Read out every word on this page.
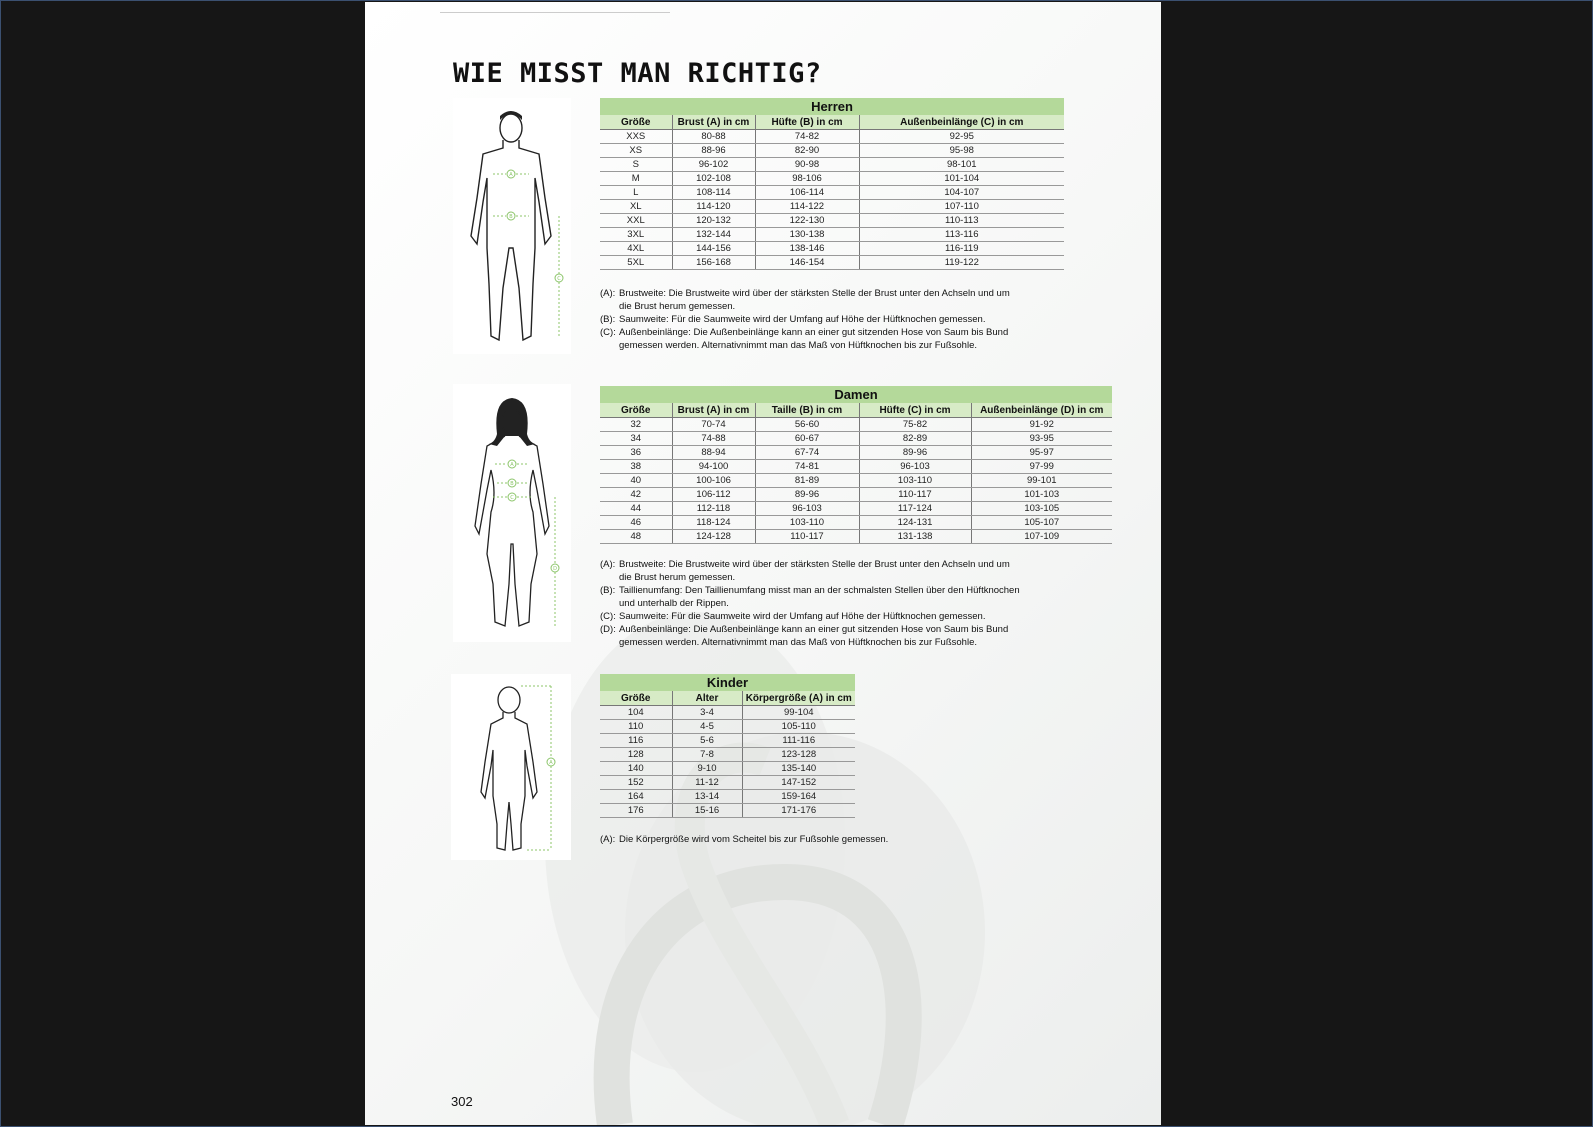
WIE MISST MAN RICHTIG?
A
B
C
Herren			
Größe	Brust (A) in cm	Hüfte (B) in cm	Außenbeinlänge (C) in cm
XXS	80-88	74-82	92-95
XS	88-96	82-90	95-98
S	96-102	90-98	98-101
M	102-108	98-106	101-104
L	108-114	106-114	104-107
XL	114-120	114-122	107-110
XXL	120-132	122-130	110-113
3XL	132-144	130-138	113-116
4XL	144-156	138-146	116-119
5XL	156-168	146-154	119-122
(A): Brustweite: Die Brustweite wird über der stärksten Stelle der Brust unter den Achseln und um die Brust herum gemessen.
(B): Saumweite: Für die Saumweite wird der Umfang auf Höhe der Hüftknochen gemessen.
(C): Außenbeinlänge: Die Außenbeinlänge kann an einer gut sitzenden Hose von Saum bis Bund gemessen werden. Alternativnimmt man das Maß von Hüftknochen bis zur Fußsohle.
A
B
C
D
Damen				
Größe	Brust (A) in cm	Taille (B) in cm	Hüfte (C) in cm	Außenbeinlänge (D) in cm
32	70-74	56-60	75-82	91-92
34	74-88	60-67	82-89	93-95
36	88-94	67-74	89-96	95-97
38	94-100	74-81	96-103	97-99
40	100-106	81-89	103-110	99-101
42	106-112	89-96	110-117	101-103
44	112-118	96-103	117-124	103-105
46	118-124	103-110	124-131	105-107
48	124-128	110-117	131-138	107-109
(A): Brustweite: Die Brustweite wird über der stärksten Stelle der Brust unter den Achseln und um die Brust herum gemessen.
(B): Taillienumfang: Den Taillienumfang misst man an der schmalsten Stellen über den Hüftknochen und unterhalb der Rippen.
(C): Saumweite: Für die Saumweite wird der Umfang auf Höhe der Hüftknochen gemessen.
(D): Außenbeinlänge: Die Außenbeinlänge kann an einer gut sitzenden Hose von Saum bis Bund gemessen werden. Alternativnimmt man das Maß von Hüftknochen bis zur Fußsohle.
A
Kinder		
Größe	Alter	Körpergröße (A) in cm
104	3-4	99-104
110	4-5	105-110
116	5-6	111-116
128	7-8	123-128
140	9-10	135-140
152	11-12	147-152
164	13-14	159-164
176	15-16	171-176
(A): Die Körpergröße wird vom Scheitel bis zur Fußsohle gemessen.
302
